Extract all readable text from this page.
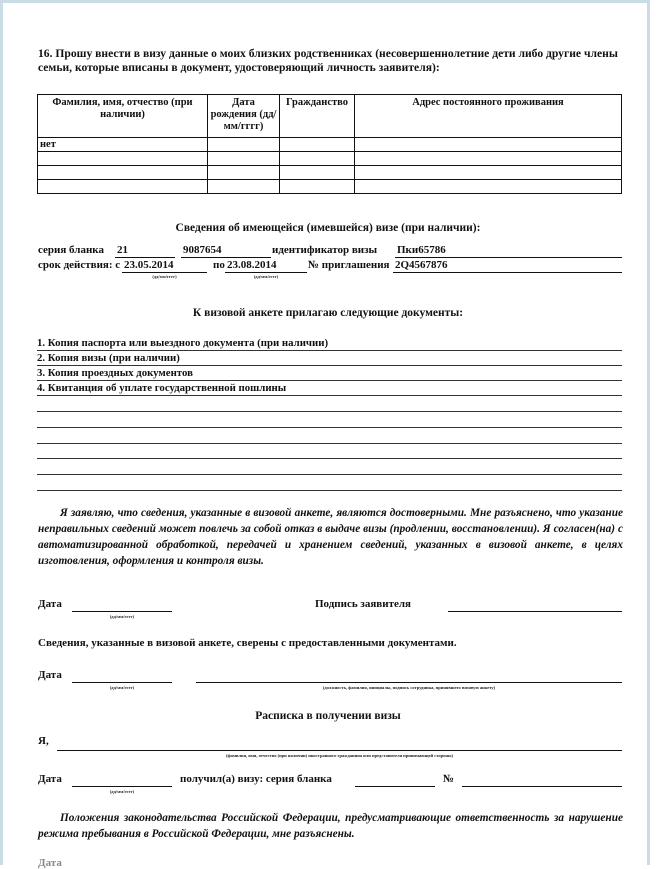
16. Прошу внести в визу данные о моих близких родственниках (несовершеннолетние дети либо другие члены семьи, которые вписаны в документ, удостоверяющий личность заявителя):
Фамилия, имя, отчество (при наличии)	Дата рождения (дд/мм/гггг)	Гражданство	Адрес постоянного проживания
нет			

Сведения об имеющейся (имевшейся) визе (при наличии):
серия бланка 21	9087654	идентификатор визы Пки65786
срок действия: с 23.05.2014
(дд/мм/гггг)
по 23.08.2014
(дд/мм/гггг)
№ приглашения 2Q4567876
К визовой анкете прилагаю следующие документы:
1. Копия паспорта или выездного документа (при наличии)
2. Копия визы (при наличии)
3. Копия проездных документов
4. Квитанция об уплате государственной пошлины
Я заявляю, что сведения, указанные в визовой анкете, являются достоверными. Мне разъяснено, что указание неправильных сведений может повлечь за собой отказ в выдаче визы (продлении, восстановлении). Я согласен(на) с автоматизированной обработкой, передачей и хранением сведений, указанных в визовой анкете, в целях изготовления, оформления и контроля визы.
Дата
(дд/мм/гггг)
Подпись заявителя
Сведения, указанные в визовой анкете, сверены с предоставленными документами.
Дата
(дд/мм/гггг)	(должность, фамилия, инициалы, подпись сотрудника, принявшего визовую анкету)
Расписка в получении визы
Я,
(фамилия, имя, отчество (при наличии) иностранного гражданина или представителя принимающей стороны)
Дата
(дд/мм/гггг)
получил(а) визу: серия бланка	№
Положения законодательства Российской Федерации, предусматривающие ответственность за нарушение режима пребывания в Российской Федерации, мне разъяснены.
Дата
